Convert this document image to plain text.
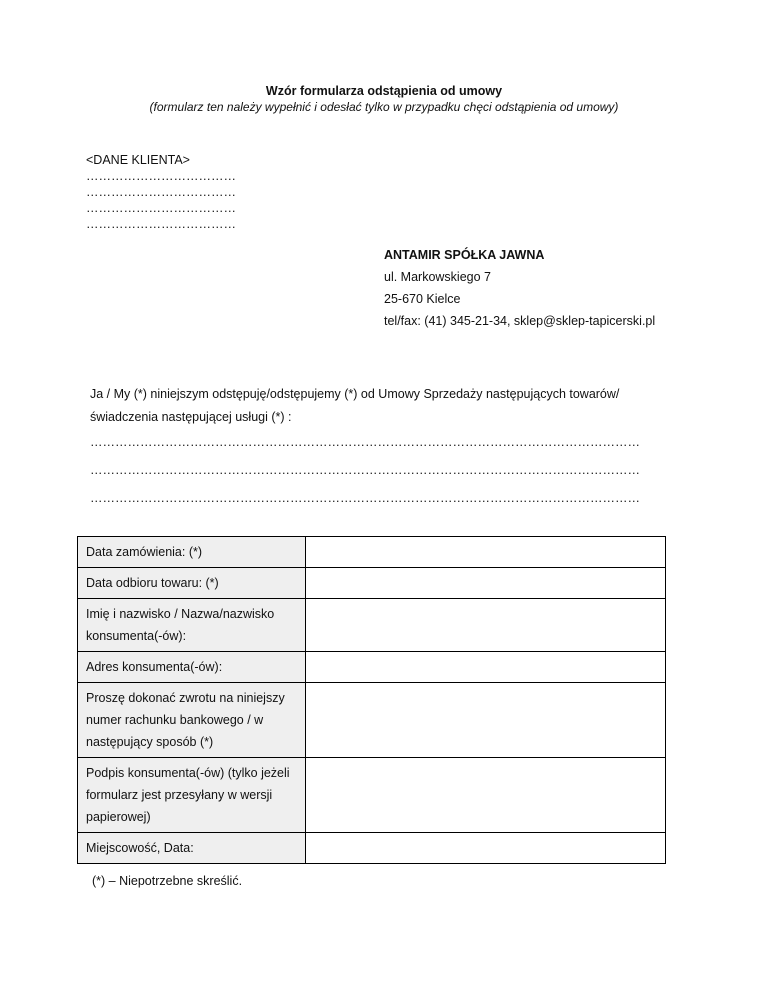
Wzór formularza odstąpienia od umowy
(formularz ten należy wypełnić i odesłać tylko w przypadku chęci odstąpienia od umowy)
<DANE KLIENTA>
………………………………
………………………………
………………………………
………………………………
ANTAMIR SPÓŁKA JAWNA
ul. Markowskiego 7
25-670 Kielce
tel/fax: (41) 345-21-34, sklep@sklep-tapicerski.pl
Ja / My (*) niniejszym odstępuję/odstępujemy (*) od Umowy Sprzedaży następujących towarów/
świadczenia następującej usługi (*) :
……………………………………………………………………………………………………………………
……………………………………………………………………………………………………………………
……………………………………………………………………………………………………………………
Data zamówienia: (*)	
Data odbioru towaru: (*)	
Imię i nazwisko / Nazwa/nazwisko konsumenta(-ów):	
Adres konsumenta(-ów):	
Proszę dokonać zwrotu na niniejszy numer rachunku bankowego / w następujący sposób (*)	
Podpis konsumenta(-ów) (tylko jeżeli formularz jest przesyłany w wersji papierowej)	
Miejscowość, Data:	
(*) – Niepotrzebne skreślić.
